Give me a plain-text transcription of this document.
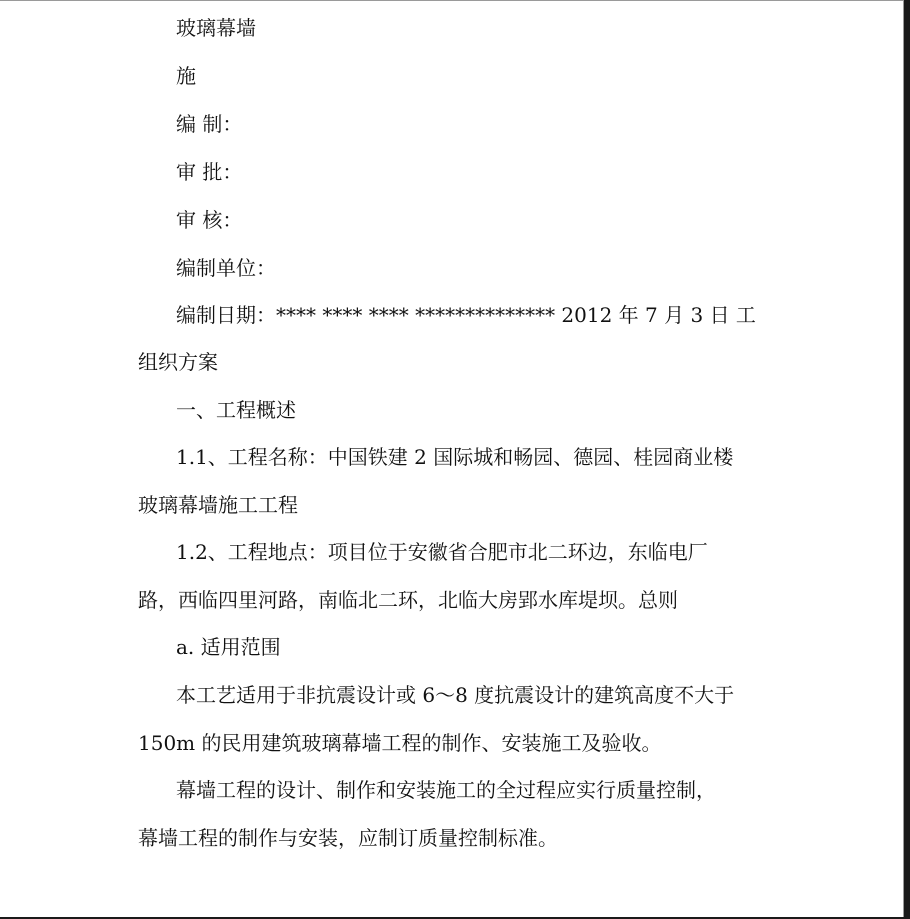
玻璃幕墙
施
编 制：
审 批：
审 核：
编制单位：
编制日期：**** **** **** ************** 2012 年 7 月 3 日 工
组织方案
一、工程概述
1.1、工程名称：中国铁建 2 国际城和畅园、德园、桂园商业楼
玻璃幕墙施工工程
1.2、工程地点：项目位于安徽省合肥市北二环边，东临电厂
路，西临四里河路，南临北二环，北临大房郢水库堤坝。总则
a. 适用范围
本工艺适用于非抗震设计或 6～8 度抗震设计的建筑高度不大于
150m 的民用建筑玻璃幕墙工程的制作、安装施工及验收。
幕墙工程的设计、制作和安装施工的全过程应实行质量控制，
幕墙工程的制作与安装，应制订质量控制标准。
